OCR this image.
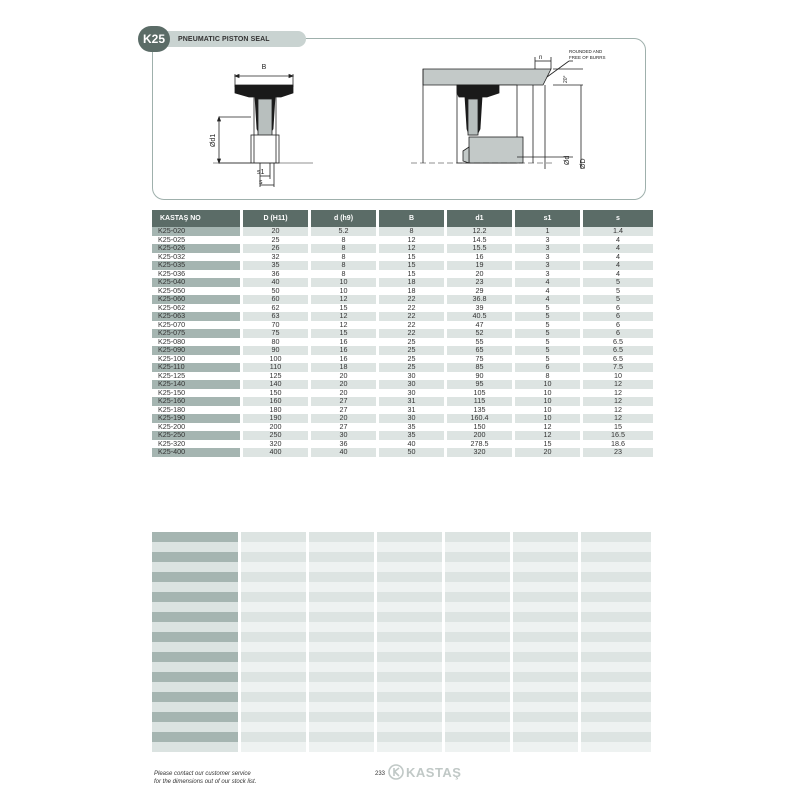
B
Ød1
s1
s
n
ROUNDED AND
FREE OF BURRS
20°
Ød ØD
PNEUMATIC PISTON SEAL
K25
KASTAŞ NO	D (H11)	d (h9)	B	d1	s1	s
K25-020	20	5.2	8	12.2	1	1.4
K25-025	25	8	12	14.5	3	4
K25-026	26	8	12	15.5	3	4
K25-032	32	8	15	16	3	4
K25-035	35	8	15	19	3	4
K25-036	36	8	15	20	3	4
K25-040	40	10	18	23	4	5
K25-050	50	10	18	29	4	5
K25-060	60	12	22	36.8	4	5
K25-062	62	15	22	39	5	6
K25-063	63	12	22	40.5	5	6
K25-070	70	12	22	47	5	6
K25-075	75	15	22	52	5	6
K25-080	80	16	25	55	5	6.5
K25-090	90	16	25	65	5	6.5
K25-100	100	16	25	75	5	6.5
K25-110	110	18	25	85	6	7.5
K25-125	125	20	30	90	8	10
K25-140	140	20	30	95	10	12
K25-150	150	20	30	105	10	12
K25-160	160	27	31	115	10	12
K25-180	180	27	31	135	10	12
K25-190	190	20	30	160.4	10	12
K25-200	200	27	35	150	12	15
K25-250	250	30	35	200	12	16.5
K25-320	320	36	40	278.5	15	18.6
K25-400	400	40	50	320	20	23
Please contact our customer service
for the dimensions out of our stock list.
233 KASTAŞ
